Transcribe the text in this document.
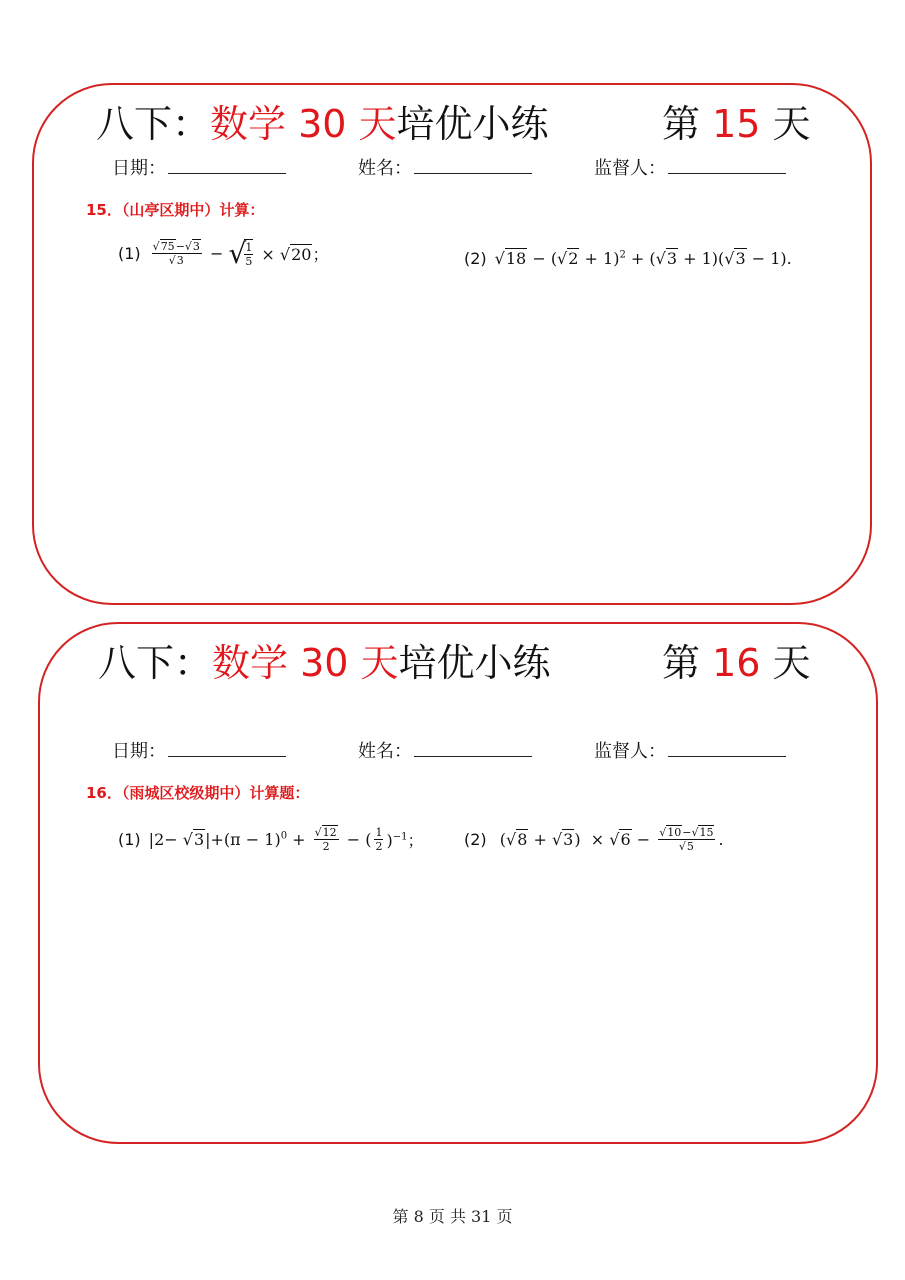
八下：数学 30 天培优小练	第 15 天
日期：	姓名：	监督人：
15．（山亭区期中）计算：
$(1) \frac{√75-√3}{√3}$ − √
$\frac{1}{5} \times √20$；	(2) $√18 - (√2 + 1)^2 + (√3 + 1)(√3 - 1)$.
八下：数学 30 天培优小练	第 16 天
日期：	姓名：	监督人：
16．（雨城区校级期中）计算题：
(1) $|2- √3|+(\pi - 1)^0 + \frac{√12}{2}$ − ( $\frac{1}{2} )^{-1}$；	(2) $(√8 + √3) \times √6 - \frac{√10-√15}{√5}$ .
第 8 页 共 31 页
